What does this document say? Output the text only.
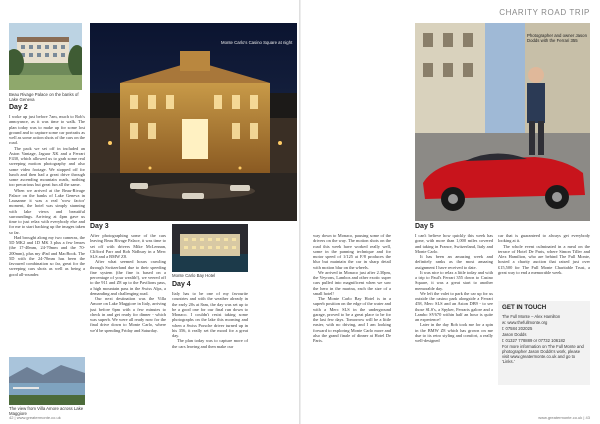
CHARITY ROAD TRIP
Beau Rivage Palace on the banks of Lake Geneva
Day 2

I woke up just before 7am, much to Rob's annoyance, as it was time to walk. The plan today was to make up for some lost ground and to capture some car portraits as well as some action shots of the cars on the road.

The pack we set off in included an Aston Vantage, Jaguar XK and a Ferrari F430, which allowed us to grab some real sweeping motion photography and also some video footage. We stopped off for lunch and then had a great drive through some ascending mountain roads, nothing too precarious but great fun all the same.

When we arrived at the Beau-Rivage Palace on the banks of Lake Geneva in Lausanne it was a real 'wow factor' moment, the hotel was simply stunning with lake views and beautiful surroundings. Arriving at 4pm gave us time to just relax with everybody else and for me to start backing up the images taken so far.

Had brought along my two cameras, the 5D MK2 and 1D MK 3 plus a few lenses (the 17-40mm, 24-70mm and the 70-200mm), plus my iPad and MacBook. The 5D with the 24-70mm has been the favoured combination so far, great for the sweeping cars shots as well as being a good all-rounder.

The view from Villa Amore across Lake Maggiore
Monte Carlo's Casino Square at night
Day 3

After photographing some of the cars leaving Beau Rivage Palace, it was time to set off with drivers Mike McLennan, Clifford Parr and Rob Nidbury in a Merc SLS and a BMW Z8.

After what seemed hours crawling through Switzerland due to their speeding fine system (the fine is based on a percentage of your wealth!), we veered off to the 911 and Z8 up to the Pavilions pass, a high mountain pass in the Swiss Alps, a demanding and challenging road.

Our next destination was the Villa Amore on Lake Maggiore in Italy, arriving just before 6pm with a few minutes to check in and get ready for dinner - which was superb. We were all ready now for the final drive down to Monte Carlo, where we'd be spending Friday and Saturday.

Monte Carlo Bay Hotel
Day 4

Italy has to be one of my favourite countries and with the weather already in the early 20s at 8am, the day was set up to be a good one for our final run down to Monaco. I couldn't resist taking some photographs on the lake this morning and when a Swiss Porsche driver turned up in his 356, it really set the mood for a great day.

The plan today was to capture more of the cars leaving and then make our

way down to Monaco, pausing some of the drivers on the way. The motion shots on the road this week have worked really well, some in the panning technique and for motor speed of 1/125 at F/8 produces the blur but maintain the car in sharp detail with motion blur on the wheels.

We arrived in Monaco just after 2.30pm, the Veyrons, Lambos and other exotic super cars pulled into magnificent when we saw the hero in the marina, each the size of a small hotel!

The Monte Carlo Bay Hotel is in a superb position on the edge of the water and with a Merc SLS in the underground garage, proved to be a great place to be for the last few days. Tomorrow will be a little easier, with no driving, and I am looking forward to exploring Monte Carlo more and also the grand finale of dinner at Hotel De Paris.

Photographer and owner Jason Dodds with the Ferrari 355
Day 5

I can't believe how quickly this week has gone, with more than 1,000 miles covered and taking in France, Switzerland, Italy and Monte Carlo.

It has been an amazing week and definitely ranks as the most amazing assignment I have received to date.

It was nice to relax a little today and with a trip to Paul's Ferrari 355 down to Casino Square, it was a great start to another memorable day.

We left the valet to park the car up for us outside the casino park alongside a Ferrari 458, Merc SLS and an Aston DB9 - to see those SLS's, a Spyker, Ferraris galore and a Lambo SV670 within half an hour is quite an experience!

Later in the day Rob took me for a spin in the BMW Z8 which has grown on me due to its retro styling and comfort, a really well-designed

car that is guaranteed to always get everybody looking at it.

The whole event culminated in a meal on the terrace of Hotel De Paris, where Simon Tiller and Alex Hamilton, who are behind The Full Monte, hosted a charity auction that raised just over £15,500 for The Full Monte Charitable Trust, a great way to end a memorable week.

GET IN TOUCH
The Full Monte – Alex Hamilton
w: www.thefullmonte.org
t: 07584 202025
Jason Dodds
t: 01327 778889 or 07732 106182
For more information on The Full Monte and photographer Jason Dodds's work, please visit www.greatermonte.co.uk and go to 'Links.'
42 | www.greatermonte.co.uk	www.greatermonte.co.uk | 43
